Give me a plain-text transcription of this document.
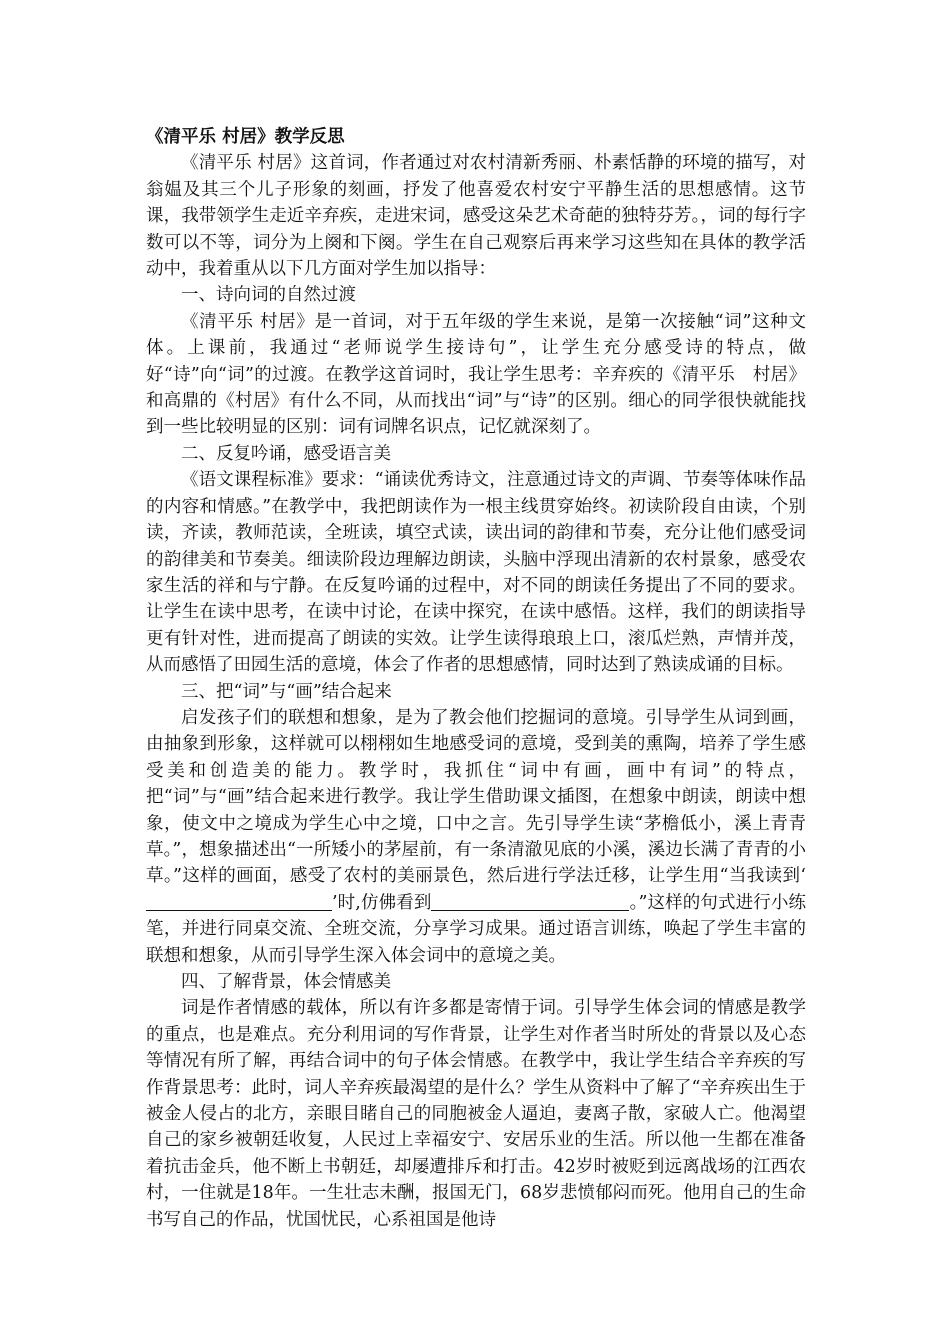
《清平乐 村居》教学反思

《清平乐 村居》这首词，作者通过对农村清新秀丽、朴素恬静的环境的描写，对翁媪及其三个儿子形象的刻画，抒发了他喜爱农村安宁平静生活的思想感情。这节课，我带领学生走近辛弃疾，走进宋词，感受这朵艺术奇葩的独特芬芳。，词的每行字数可以不等，词分为上阕和下阕。学生在自己观察后再来学习这些知在具体的教学活动中，我着重从以下几方面对学生加以指导：

一、诗向词的自然过渡

《清平乐 村居》是一首词，对于五年级的学生来说，是第一次接触“词”这种文体。上课前，我通过“老师说学生接诗句”，让学生充分感受诗的特点，做好“诗”向“词”的过渡。在教学这首词时，我让学生思考：辛弃疾的《清平乐　村居》和高鼎的《村居》有什么不同，从而找出“词”与“诗”的区别。细心的同学很快就能找到一些比较明显的区别：词有词牌名识点，记忆就深刻了。

二、反复吟诵，感受语言美

《语文课程标准》要求：“诵读优秀诗文，注意通过诗文的声调、节奏等体味作品的内容和情感。”在教学中，我把朗读作为一根主线贯穿始终。初读阶段自由读，个别读，齐读，教师范读，全班读，填空式读，读出词的韵律和节奏，充分让他们感受词的韵律美和节奏美。细读阶段边理解边朗读，头脑中浮现出清新的农村景象，感受农家生活的祥和与宁静。在反复吟诵的过程中，对不同的朗读任务提出了不同的要求。让学生在读中思考，在读中讨论，在读中探究，在读中感悟。这样，我们的朗读指导更有针对性，进而提高了朗读的实效。让学生读得琅琅上口，滚瓜烂熟，声情并茂，从而感悟了田园生活的意境，体会了作者的思想感情，同时达到了熟读成诵的目标。

三、把“词”与“画”结合起来

启发孩子们的联想和想象，是为了教会他们挖掘词的意境。引导学生从词到画，由抽象到形象，这样就可以栩栩如生地感受词的意境，受到美的熏陶，培养了学生感受美和创造美的能力。教学时，我抓住“词中有画，画中有词”的特点，把“词”与“画”结合起来进行教学。我让学生借助课文插图，在想象中朗读，朗读中想象，使文中之境成为学生心中之境，口中之言。先引导学生读“茅檐低小，溪上青青草。”，想象描述出“一所矮小的茅屋前，有一条清澈见底的小溪，溪边长满了青青的小草。”这样的画面，感受了农村的美丽景色，然后进行学法迁移，让学生用“当我读到‘’时,仿佛看到	。”这样的句式进行小练笔，并进行同桌交流、全班交流，分享学习成果。通过语言训练，唤起了学生丰富的联想和想象，从而引导学生深入体会词中的意境之美。

四、了解背景，体会情感美

词是作者情感的载体，所以有许多都是寄情于词。引导学生体会词的情感是教学的重点，也是难点。充分利用词的写作背景，让学生对作者当时所处的背景以及心态等情况有所了解，再结合词中的句子体会情感。在教学中，我让学生结合辛弃疾的写作背景思考：此时，词人辛弃疾最渴望的是什么？学生从资料中了解了“辛弃疾出生于被金人侵占的北方，亲眼目睹自己的同胞被金人逼迫，妻离子散，家破人亡。他渴望自己的家乡被朝廷收复，人民过上幸福安宁、安居乐业的生活。所以他一生都在准备着抗击金兵，他不断上书朝廷，却屡遭排斥和打击。42岁时被贬到远离战场的江西农村，一住就是18年。一生壮志未酬，报国无门，68岁悲愤郁闷而死。他用自己的生命书写自己的作品，忧国忧民，心系祖国是他诗
